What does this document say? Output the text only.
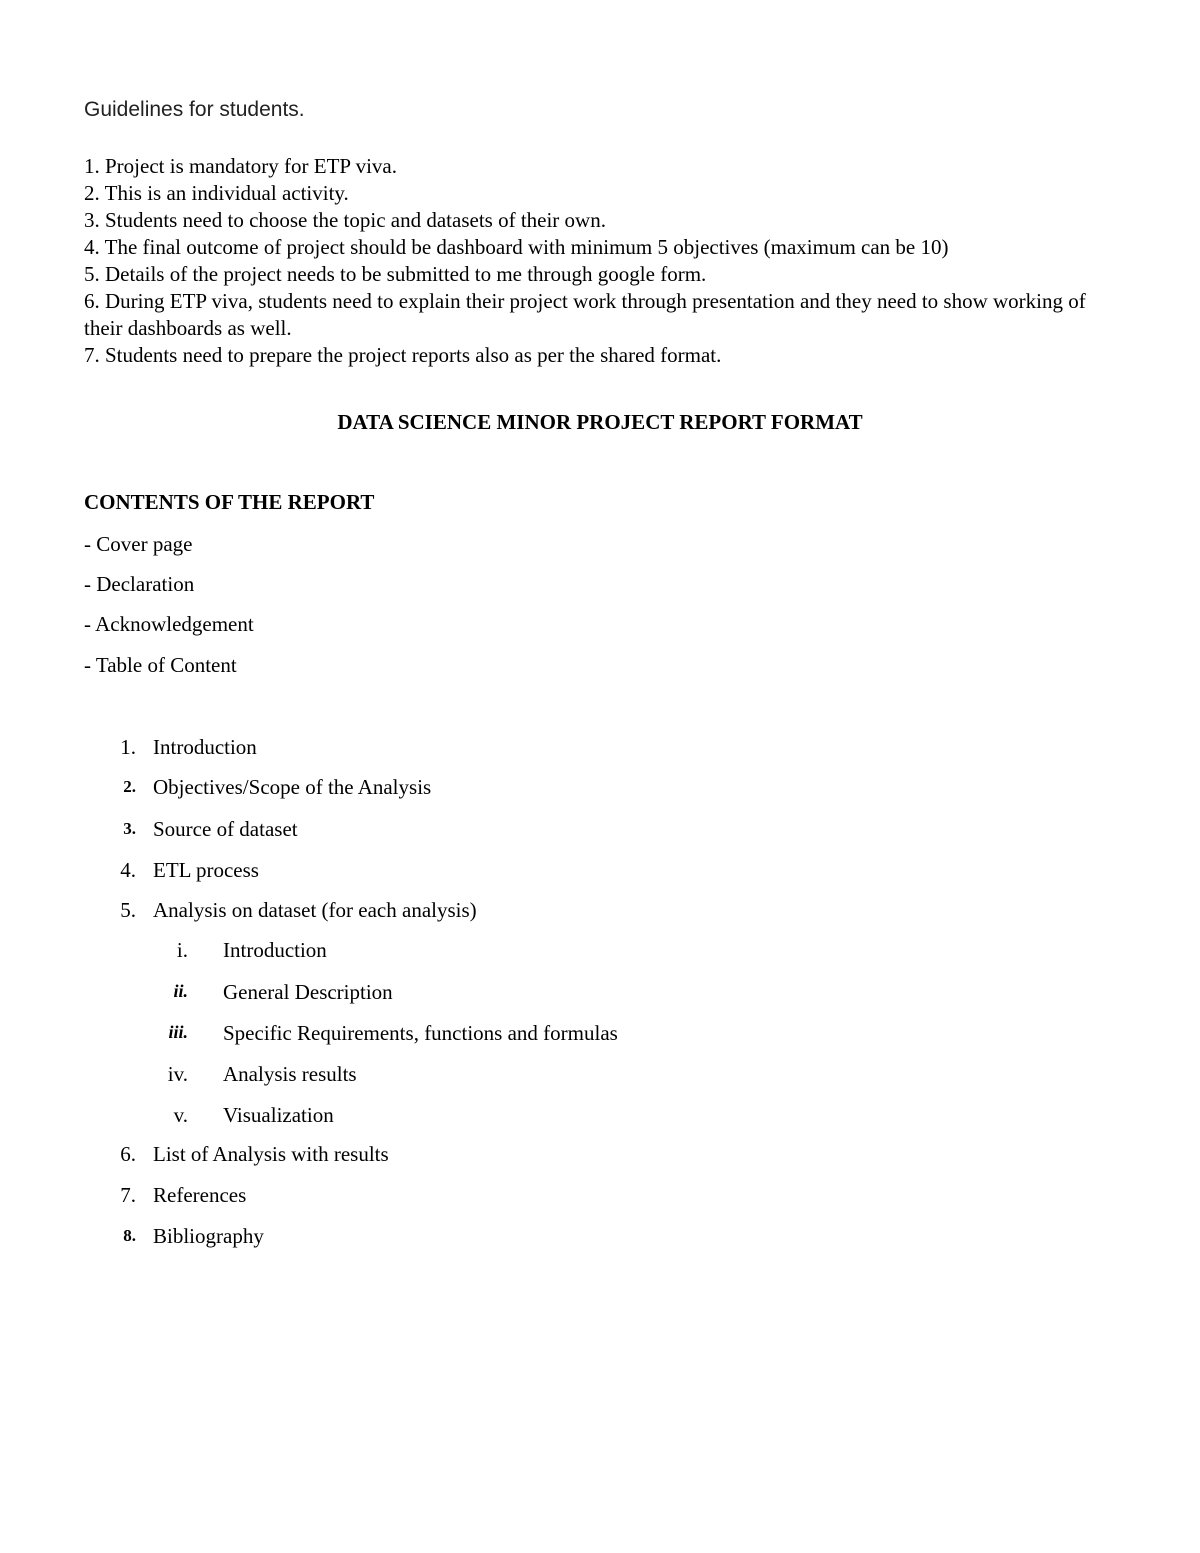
Guidelines for students.

1. Project is mandatory for ETP viva.

2. This is an individual activity.

3. Students need to choose the topic and datasets of their own.

4. The final outcome of project should be dashboard with minimum 5 objectives (maximum can be 10)

5. Details of the project needs to be submitted to me through google form.

6. During ETP viva, students need to explain their project work through presentation and they need to show working of their dashboards as well.

7. Students need to prepare the project reports also as per the shared format.

DATA SCIENCE MINOR PROJECT REPORT FORMAT
CONTENTS OF THE REPORT
- Cover page
- Declaration
- Acknowledgement
- Table of Content
1. Introduction
2. Objectives/Scope of the Analysis
3. Source of dataset
4. ETL process
5. Analysis on dataset (for each analysis)
i. Introduction
ii. General Description
iii. Specific Requirements, functions and formulas
iv. Analysis results
v. Visualization
6. List of Analysis with results
7. References
8. Bibliography
